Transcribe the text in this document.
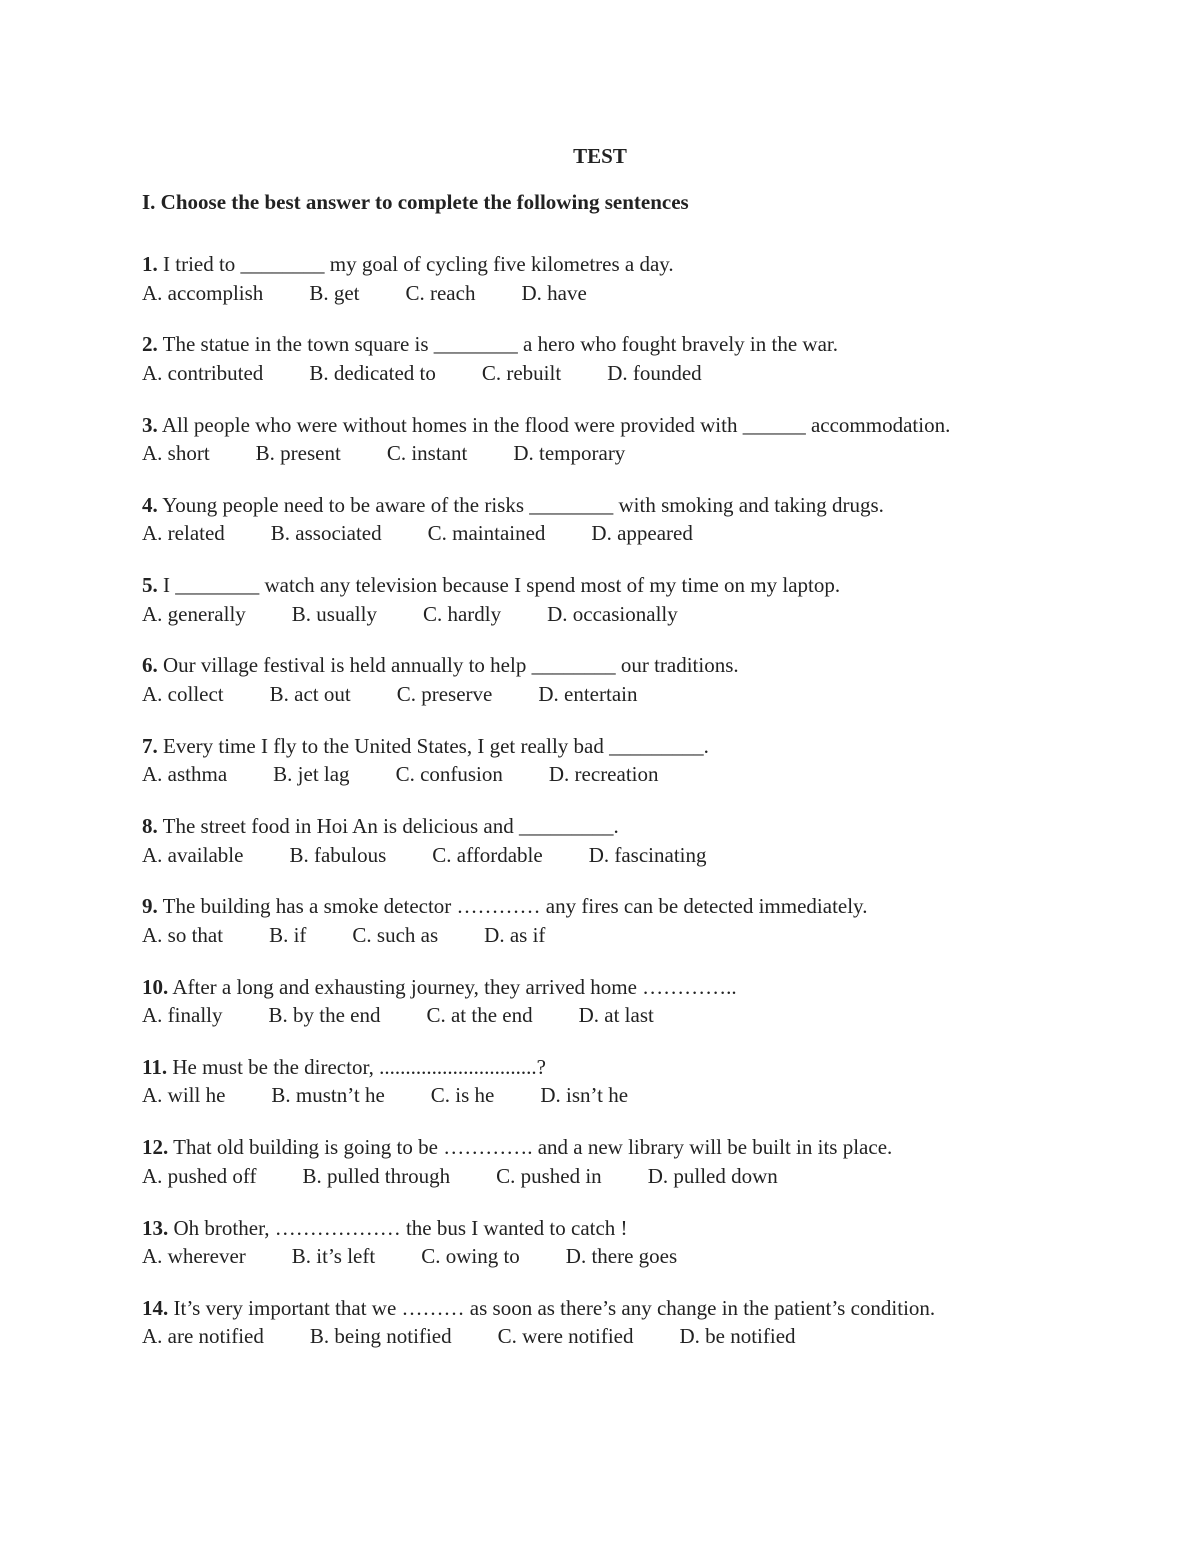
TEST
I. Choose the best answer to complete the following sentences
1. I tried to ________ my goal of cycling five kilometres a day.
A. accomplish B. get C. reach D. have
2. The statue in the town square is ________ a hero who fought bravely in the war.
A. contributed B. dedicated to C. rebuilt D. founded
3. All people who were without homes in the flood were provided with ______ accommodation.
A. short B. present C. instant D. temporary
4. Young people need to be aware of the risks ________ with smoking and taking drugs.
A. related B. associated C. maintained D. appeared
5. I ________ watch any television because I spend most of my time on my laptop.
A. generally B. usually C. hardly D. occasionally
6. Our village festival is held annually to help ________ our traditions.
A. collect B. act out C. preserve D. entertain
7. Every time I fly to the United States, I get really bad _________.
A. asthma B. jet lag C. confusion D. recreation
8. The street food in Hoi An is delicious and _________.
A. available B. fabulous C. affordable D. fascinating
9. The building has a smoke detector ………… any fires can be detected immediately.
A. so that B. if C. such as D. as if
10. After a long and exhausting journey, they arrived home …………..
A. finally B. by the end C. at the end D. at last
11. He must be the director, ..............................?
A. will he B. mustn’t he C. is he D. isn’t he
12. That old building is going to be …………. and a new library will be built in its place.
A. pushed off B. pulled through C. pushed in D. pulled down
13. Oh brother, ……………… the bus I wanted to catch !
A. wherever B. it’s left C. owing to D. there goes
14. It’s very important that we ……… as soon as there’s any change in the patient’s condition.
A. are notified B. being notified C. were notified D. be notified
